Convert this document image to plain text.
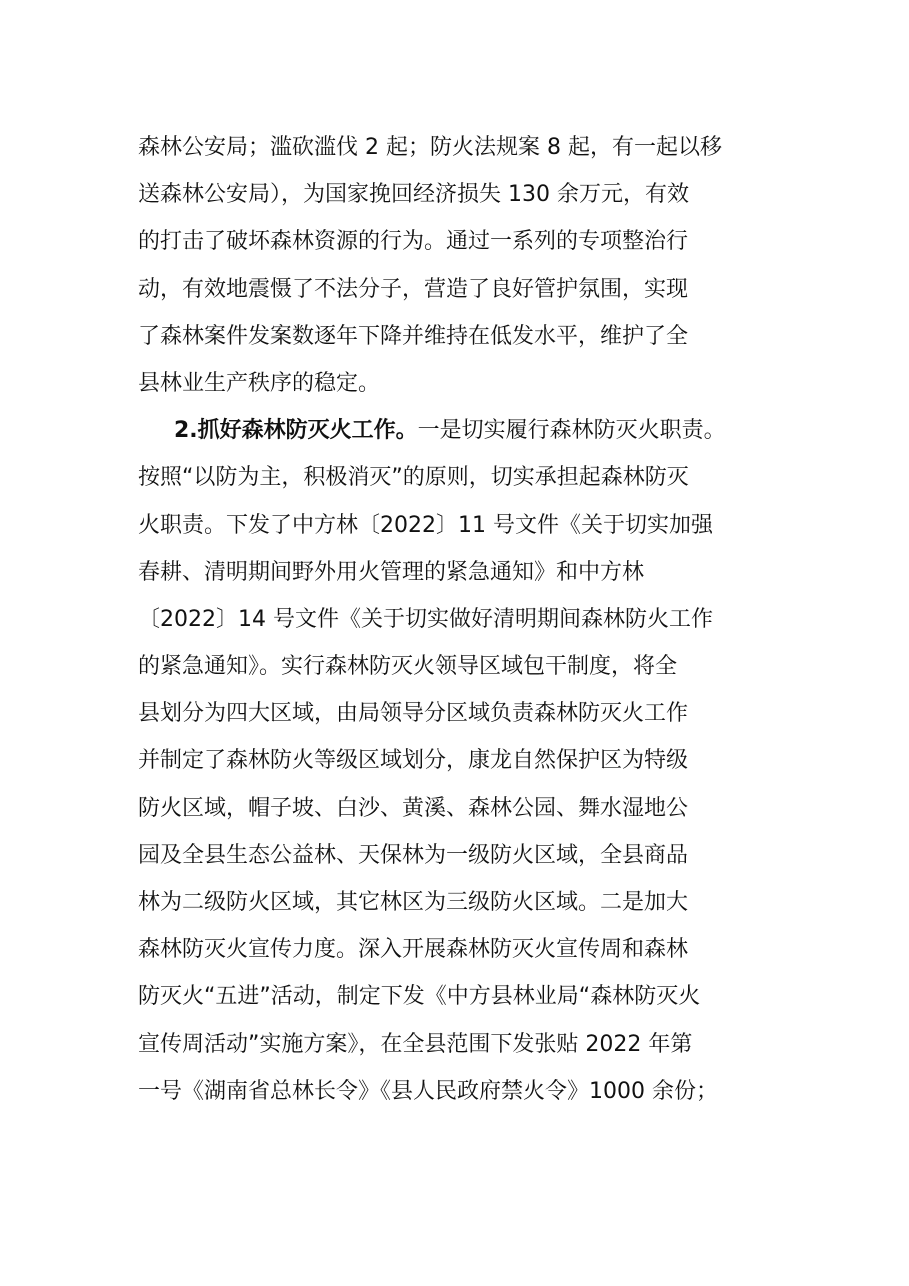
森林公安局；滥砍滥伐 2 起；防火法规案 8 起，有一起以移
送森林公安局），为国家挽回经济损失 130 余万元，有效
的打击了破坏森林资源的行为。通过一系列的专项整治行
动，有效地震慑了不法分子，营造了良好管护氛围，实现
了森林案件发案数逐年下降并维持在低发水平，维护了全
县林业生产秩序的稳定。
2.抓好森林防灭火工作。一是切实履行森林防灭火职责。
按照“以防为主，积极消灭”的原则，切实承担起森林防灭
火职责。下发了中方林〔2022〕11 号文件《关于切实加强
春耕、清明期间野外用火管理的紧急通知》和中方林
〔2022〕14 号文件《关于切实做好清明期间森林防火工作
的紧急通知》。实行森林防灭火领导区域包干制度，将全
县划分为四大区域，由局领导分区域负责森林防灭火工作
并制定了森林防火等级区域划分，康龙自然保护区为特级
防火区域，帽子坡、白沙、黄溪、森林公园、舞水湿地公
园及全县生态公益林、天保林为一级防火区域，全县商品
林为二级防火区域，其它林区为三级防火区域。二是加大
森林防灭火宣传力度。深入开展森林防灭火宣传周和森林
防灭火“五进”活动，制定下发《中方县林业局“森林防灭火
宣传周活动”实施方案》，在全县范围下发张贴 2022 年第
一号《湖南省总林长令》《县人民政府禁火令》1000 余份；
